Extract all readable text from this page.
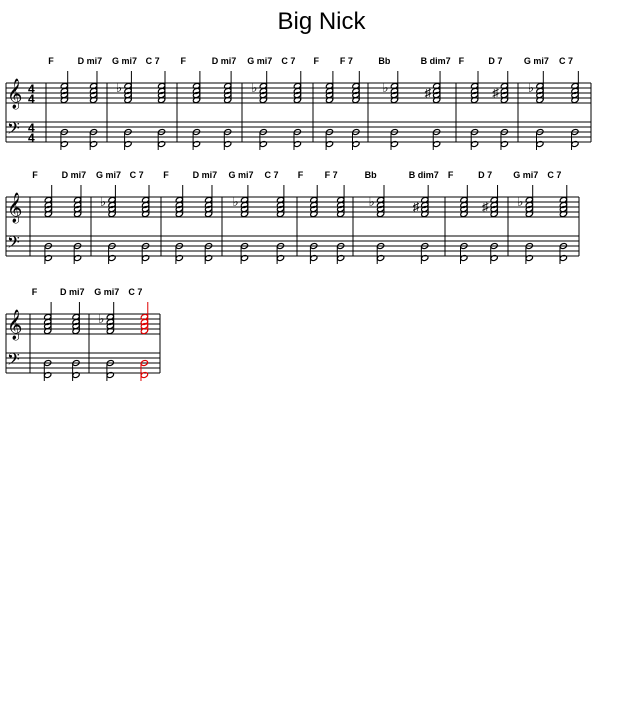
Big Nick
𝄞
𝄢
4
4
4
4
F	D mi7 G mi7 C 7
♭
F	D mi7 G mi7 C 7
♭
F F 7	Bb	B dim7
♭	♯
F	D 7
♯
G mi7 C 7
♭
𝄞
𝄢
F	D mi7 G mi7 C 7
♭
F	D mi7 G mi7 C 7
♭
F F 7	Bb	B dim7
♭	♯
F	D 7
♯
G mi7 C 7
♭
𝄞
𝄢
F	D mi7 G mi7 C 7
♭
